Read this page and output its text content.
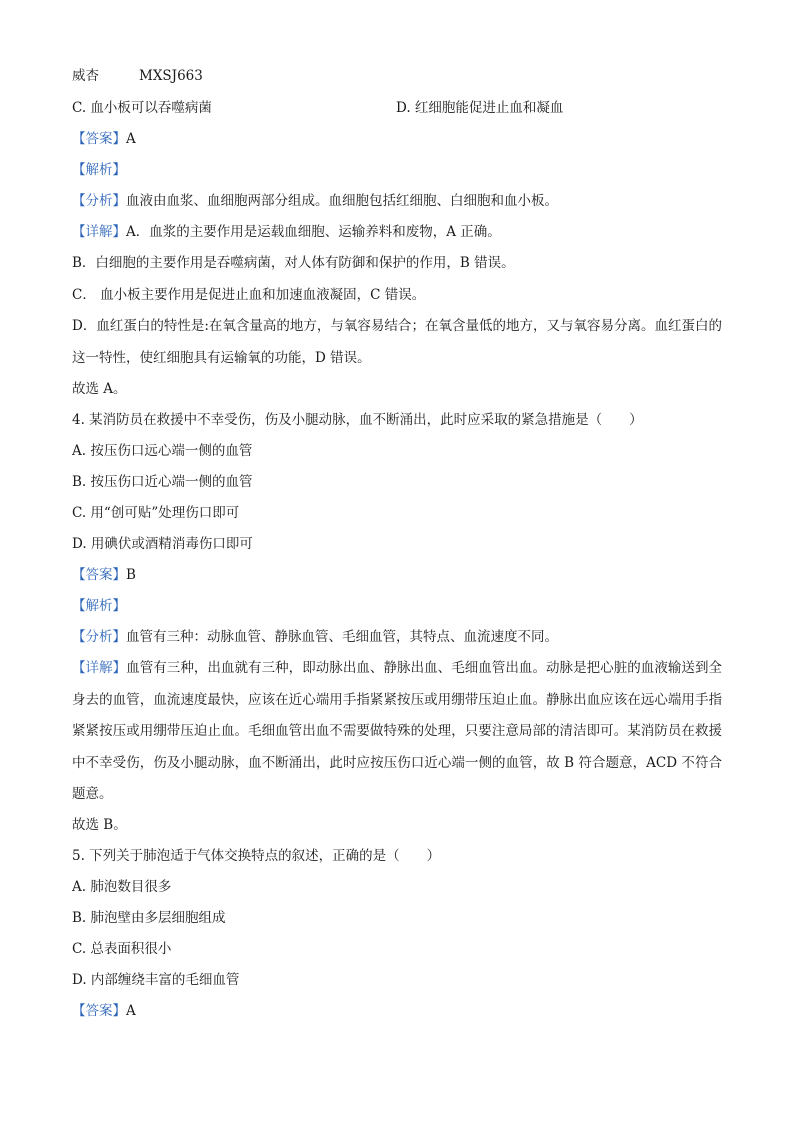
威杏	MXSJ663
C. 血小板可以吞噬病菌	D. 红细胞能促进止血和凝血
【答案】A
【解析】
【分析】血液由血浆、血细胞两部分组成。血细胞包括红细胞、白细胞和血小板。
【详解】A．血浆的主要作用是运载血细胞、运输养料和废物，A 正确。
B．白细胞的主要作用是吞噬病菌，对人体有防御和保护的作用，B 错误。
C． 血小板主要作用是促进止血和加速血液凝固，C 错误。
D．血红蛋白的特性是:在氧含量高的地方，与氧容易结合；在氧含量低的地方，又与氧容易分离。血红蛋白的这一特性，使红细胞具有运输氧的功能，D 错误。
故选 A。
4. 某消防员在救援中不幸受伤，伤及小腿动脉，血不断涌出，此时应采取的紧急措施是（　　）
A. 按压伤口远心端一侧的血管
B. 按压伤口近心端一侧的血管
C. 用“创可贴”处理伤口即可
D. 用碘伏或酒精消毒伤口即可
【答案】B
【解析】
【分析】血管有三种：动脉血管、静脉血管、毛细血管，其特点、血流速度不同。
【详解】血管有三种，出血就有三种，即动脉出血、静脉出血、毛细血管出血。动脉是把心脏的血液输送到全身去的血管，血流速度最快，应该在近心端用手指紧紧按压或用绷带压迫止血。静脉出血应该在远心端用手指紧紧按压或用绷带压迫止血。毛细血管出血不需要做特殊的处理，只要注意局部的清洁即可。某消防员在救援中不幸受伤，伤及小腿动脉，血不断涌出，此时应按压伤口近心端一侧的血管，故 B 符合题意，ACD 不符合题意。
故选 B。
5. 下列关于肺泡适于气体交换特点的叙述，正确的是（　　）
A. 肺泡数目很多
B. 肺泡壁由多层细胞组成
C. 总表面积很小
D. 内部缠绕丰富的毛细血管
【答案】A
